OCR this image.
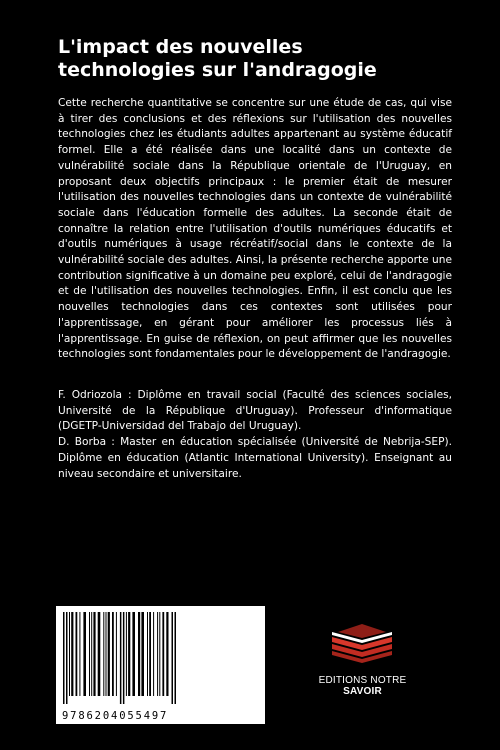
L'impact des nouvelles
technologies sur l'andragogie

Cette recherche quantitative se concentre sur une étude de cas, qui vise à tirer des conclusions et des réflexions sur l'utilisation des nouvelles technologies chez les étudiants adultes appartenant au système éducatif formel. Elle a été réalisée dans une localité dans un contexte de vulnérabilité sociale dans la République orientale de l'Uruguay, en proposant deux objectifs principaux : le premier était de mesurer l'utilisation des nouvelles technologies dans un contexte de vulnérabilité sociale dans l'éducation formelle des adultes. La seconde était de connaître la relation entre l'utilisation d'outils numériques éducatifs et d'outils numériques à usage récréatif/social dans le contexte de la vulnérabilité sociale des adultes. Ainsi, la présente recherche apporte une contribution significative à un domaine peu exploré, celui de l'andragogie et de l'utilisation des nouvelles technologies. Enfin, il est conclu que les nouvelles technologies dans ces contextes sont utilisées pour l'apprentissage, en gérant pour améliorer les processus liés à l'apprentissage. En guise de réflexion, on peut affirmer que les nouvelles technologies sont fondamentales pour le développement de l'andragogie.

F. Odriozola : Diplôme en travail social (Faculté des sciences sociales, Université de la République d'Uruguay). Professeur d'informatique (DGETP-Universidad del Trabajo del Uruguay).

D. Borba : Master en éducation spécialisée (Université de Nebrija-SEP). Diplôme en éducation (Atlantic International University). Enseignant au niveau secondaire et universitaire.

9786204055497
EDITIONS NOTRE SAVOIR
